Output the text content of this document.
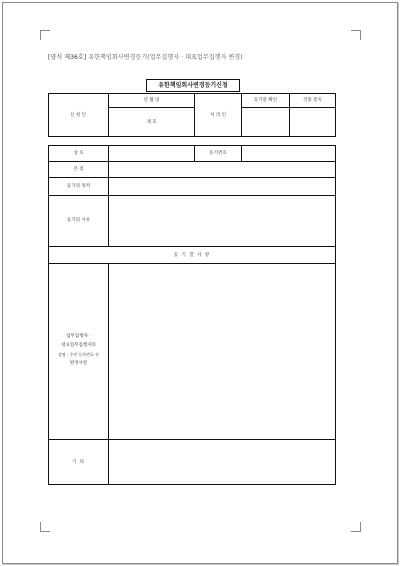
[양식 제36호] 유한책임회사변경등기(업무집행자 · 대표업무집행자 변경)
유한책임회사변경등기신청
신 청 인
년 월 일
제 호
처 리 인
등기관 확인	각종 통지
상 호	등기번호
본 점
등기의 목적
등기의 사유
등 기 할 사 항
업무집행자 ·
대표업무집행자의
성명 · 주민 등록번호 등
변경사항
기 타
